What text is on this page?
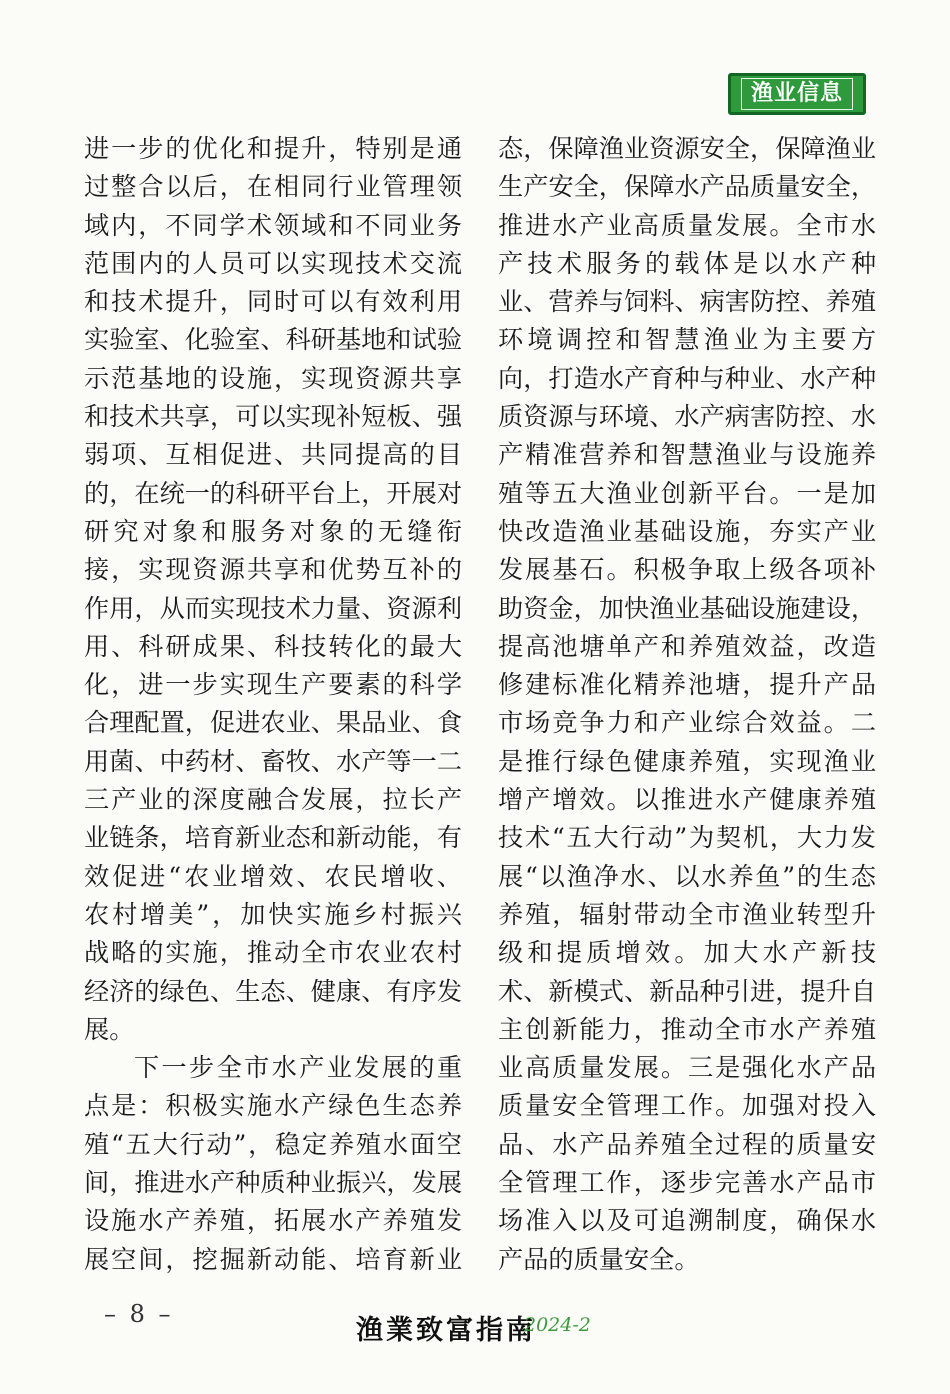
渔业信息
进一步的优化和提升，特别是通
过整合以后，在相同行业管理领
域内，不同学术领域和不同业务
范围内的人员可以实现技术交流
和技术提升，同时可以有效利用
实验室、化验室、科研基地和试验
示范基地的设施，实现资源共享
和技术共享，可以实现补短板、强
弱项、互相促进、共同提高的目
的，在统一的科研平台上，开展对
研究对象和服务对象的无缝衔
接，实现资源共享和优势互补的
作用，从而实现技术力量、资源利
用、科研成果、科技转化的最大
化，进一步实现生产要素的科学
合理配置，促进农业、果品业、食
用菌、中药材、畜牧、水产等一二
三产业的深度融合发展，拉长产
业链条，培育新业态和新动能，有
效促进“农业增效、农民增收、
农村增美”，加快实施乡村振兴
战略的实施，推动全市农业农村
经济的绿色、生态、健康、有序发
展。
下一步全市水产业发展的重
点是：积极实施水产绿色生态养
殖“五大行动”，稳定养殖水面空
间，推进水产种质种业振兴，发展
设施水产养殖，拓展水产养殖发
展空间，挖掘新动能、培育新业
态，保障渔业资源安全，保障渔业
生产安全，保障水产品质量安全，
推进水产业高质量发展。全市水
产技术服务的载体是以水产种
业、营养与饲料、病害防控、养殖
环境调控和智慧渔业为主要方
向，打造水产育种与种业、水产种
质资源与环境、水产病害防控、水
产精准营养和智慧渔业与设施养
殖等五大渔业创新平台。一是加
快改造渔业基础设施，夯实产业
发展基石。积极争取上级各项补
助资金，加快渔业基础设施建设，
提高池塘单产和养殖效益，改造
修建标准化精养池塘，提升产品
市场竞争力和产业综合效益。二
是推行绿色健康养殖，实现渔业
增产增效。以推进水产健康养殖
技术“五大行动”为契机，大力发
展“以渔净水、以水养鱼”的生态
养殖，辐射带动全市渔业转型升
级和提质增效。加大水产新技
术、新模式、新品种引进，提升自
主创新能力，推动全市水产养殖
业高质量发展。三是强化水产品
质量安全管理工作。加强对投入
品、水产品养殖全过程的质量安
全管理工作，逐步完善水产品市
场准入以及可追溯制度，确保水
产品的质量安全。
– 8 –
渔業致富指南
2024-2
